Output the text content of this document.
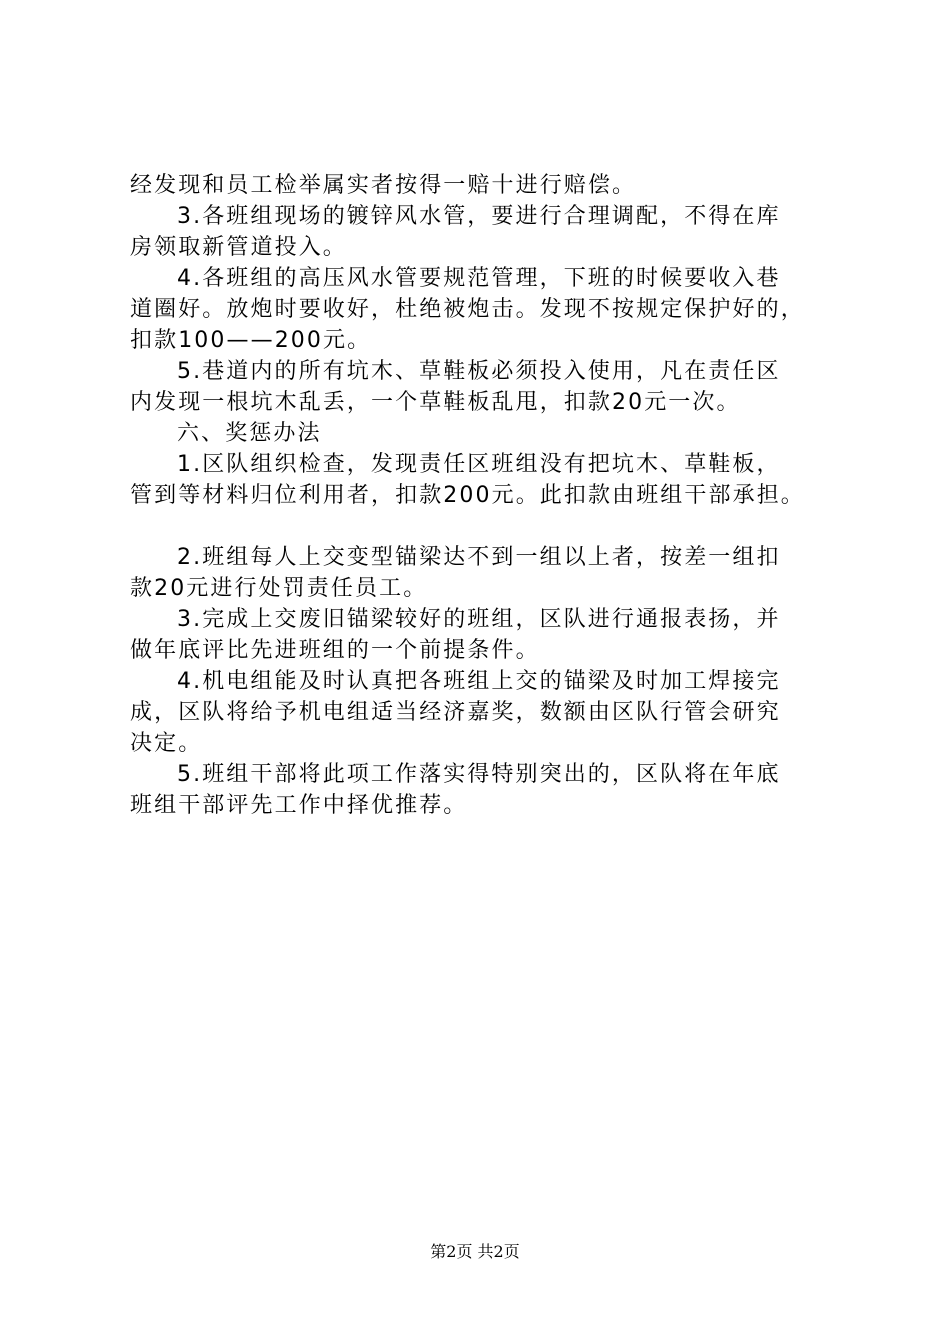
经发现和员工检举属实者按得一赔十进行赔偿。
3.各班组现场的镀锌风水管，要进行合理调配，不得在库
房领取新管道投入。
4.各班组的高压风水管要规范管理，下班的时候要收入巷
道圈好。放炮时要收好，杜绝被炮击。发现不按规定保护好的，
扣款100——200元。
5.巷道内的所有坑木、草鞋板必须投入使用，凡在责任区
内发现一根坑木乱丢，一个草鞋板乱甩，扣款20元一次。
六、奖惩办法
1.区队组织检查，发现责任区班组没有把坑木、草鞋板，
管到等材料归位利用者，扣款200元。此扣款由班组干部承担。
2.班组每人上交变型锚梁达不到一组以上者，按差一组扣
款20元进行处罚责任员工。
3.完成上交废旧锚梁较好的班组，区队进行通报表扬，并
做年底评比先进班组的一个前提条件。
4.机电组能及时认真把各班组上交的锚梁及时加工焊接完
成，区队将给予机电组适当经济嘉奖，数额由区队行管会研究
决定。
5.班组干部将此项工作落实得特别突出的，区队将在年底
班组干部评先工作中择优推荐。
第2页 共2页
